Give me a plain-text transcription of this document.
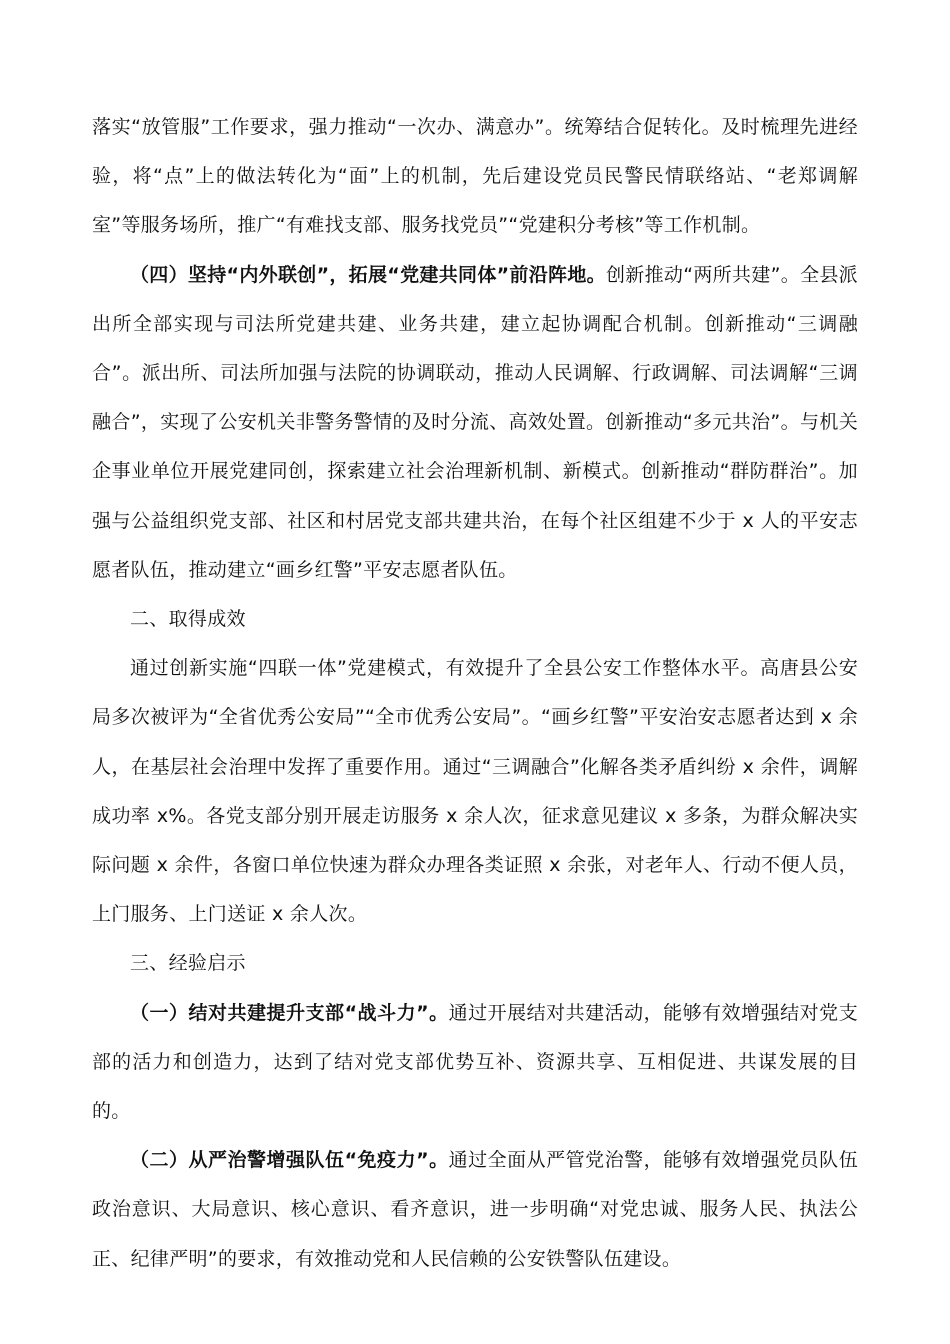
落实“放管服”工作要求，强力推动“一次办、满意办”。统筹结合促转化。及时梳理先进经验，将“点”上的做法转化为“面”上的机制，先后建设党员民警民情联络站、“老郑调解室”等服务场所，推广“有难找支部、服务找党员”“党建积分考核”等工作机制。

（四）坚持“内外联创”，拓展“党建共同体”前沿阵地。创新推动“两所共建”。全县派出所全部实现与司法所党建共建、业务共建，建立起协调配合机制。创新推动“三调融合”。派出所、司法所加强与法院的协调联动，推动人民调解、行政调解、司法调解“三调融合”，实现了公安机关非警务警情的及时分流、高效处置。创新推动“多元共治”。与机关企事业单位开展党建同创，探索建立社会治理新机制、新模式。创新推动“群防群治”。加强与公益组织党支部、社区和村居党支部共建共治，在每个社区组建不少于 x 人的平安志愿者队伍，推动建立“画乡红警”平安志愿者队伍。

二、取得成效

通过创新实施“四联一体”党建模式，有效提升了全县公安工作整体水平。高唐县公安局多次被评为“全省优秀公安局”“全市优秀公安局”。“画乡红警”平安治安志愿者达到 x 余人，在基层社会治理中发挥了重要作用。通过“三调融合”化解各类矛盾纠纷 x 余件，调解成功率 x%。各党支部分别开展走访服务 x 余人次，征求意见建议 x 多条，为群众解决实际问题 x 余件，各窗口单位快速为群众办理各类证照 x 余张，对老年人、行动不便人员，上门服务、上门送证 x 余人次。

三、经验启示

（一）结对共建提升支部“战斗力”。通过开展结对共建活动，能够有效增强结对党支部的活力和创造力，达到了结对党支部优势互补、资源共享、互相促进、共谋发展的目的。

（二）从严治警增强队伍“免疫力”。通过全面从严管党治警，能够有效增强党员队伍政治意识、大局意识、核心意识、看齐意识，进一步明确“对党忠诚、服务人民、执法公正、纪律严明”的要求，有效推动党和人民信赖的公安铁警队伍建设。
